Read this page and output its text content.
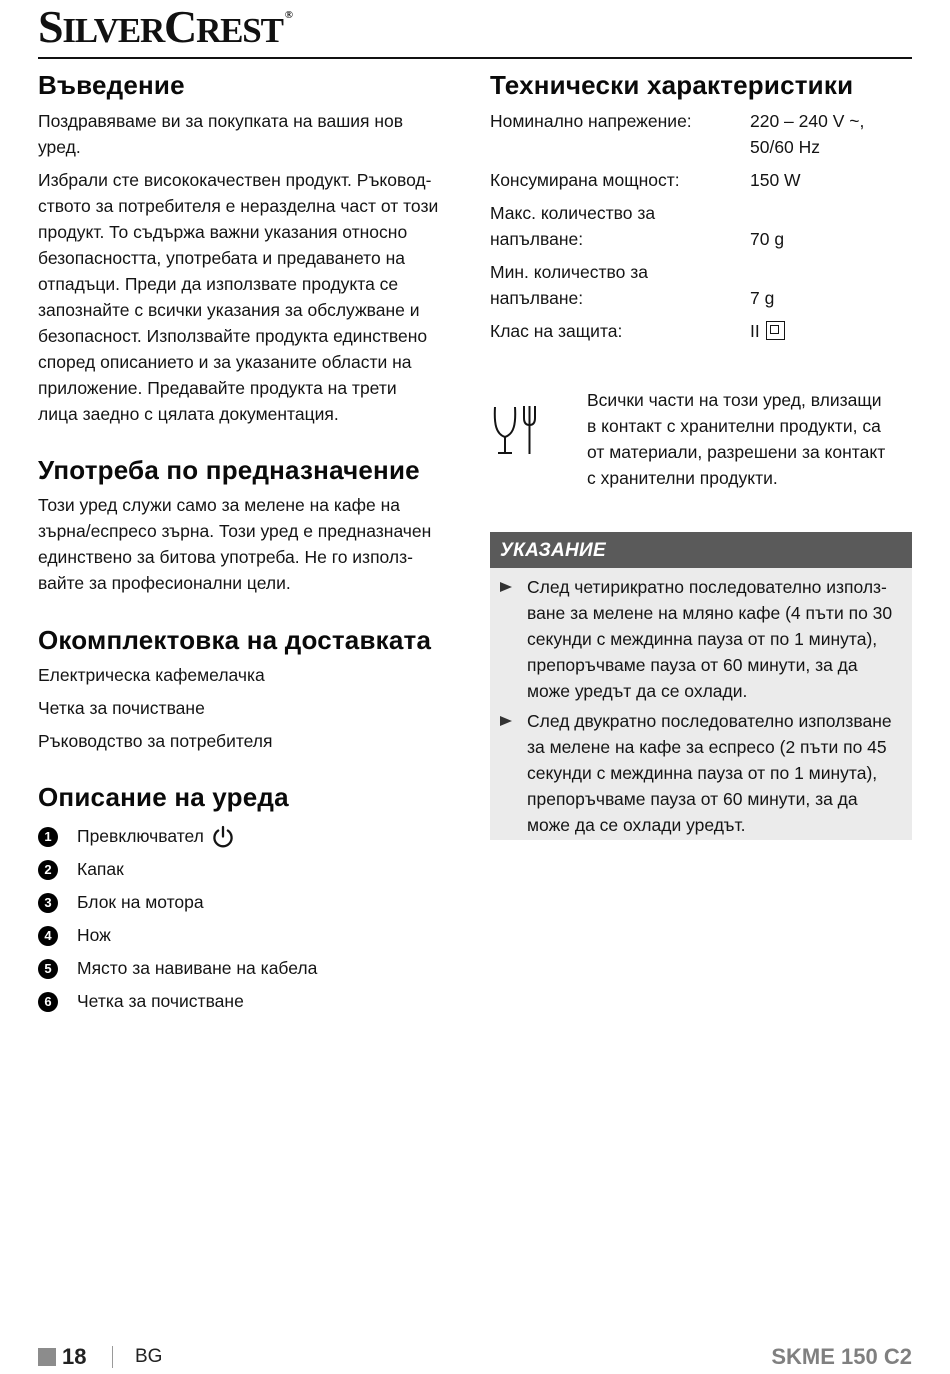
SILVERCREST ®
Въведение
Поздравяваме ви за покупката на вашия нов
уред.
Избрали сте висококачествен продукт. Ръковод-
ството за потребителя е неразделна част от този
продукт. То съдържа важни указания относно
безопасността, употребата и предаването на
отпадъци. Преди да използвате продукта се
запознайте с всички указания за обслужване и
безопасност. Използвайте продукта единствено
според описанието и за указаните области на
приложение. Предавайте продукта на трети
лица заедно с цялата документация.
Употреба по предназначение
Този уред служи само за мелене на кафе на
зърна/еспресо зърна. Този уред е предназначен
единствено за битова употреба. Не го използ-
вайте за професионални цели.
Окомплектовка на доставката
Електрическа кафемелачка
Четка за почистване
Ръководство за потребителя
Описание на уреда
1	Превключвател
2	Капак
3	Блок на мотора
4	Нож
5	Място за навиване на кабела
6	Четка за почистване
Технически характеристики
Номинално напрежение:	220 – 240 V ~,
50/60 Hz
Консумирана мощност:	150 W
Макс. количество за
напълване:	70 g
Мин. количество за
напълване:	7 g
Клас на защита:	II
Всички части на този уред, влизащи
в контакт с хранителни продукти, са
от материали, разрешени за контакт
с хранителни продукти.
УКАЗАНИЕ
След четирикратно последователно използ-
ване за мелене на мляно кафе (4 пъти по 30
секунди с междинна пауза от по 1 минута),
препоръчваме пауза от 60 минути, за да
може уредът да се охлади.
След двукратно последователно използване
за мелене на кафе за еспресо (2 пъти по 45
секунди с междинна пауза от по 1 минута),
препоръчваме пауза от 60 минути, за да
може да се охлади уредът.
18	BG	SKME 150 C2
